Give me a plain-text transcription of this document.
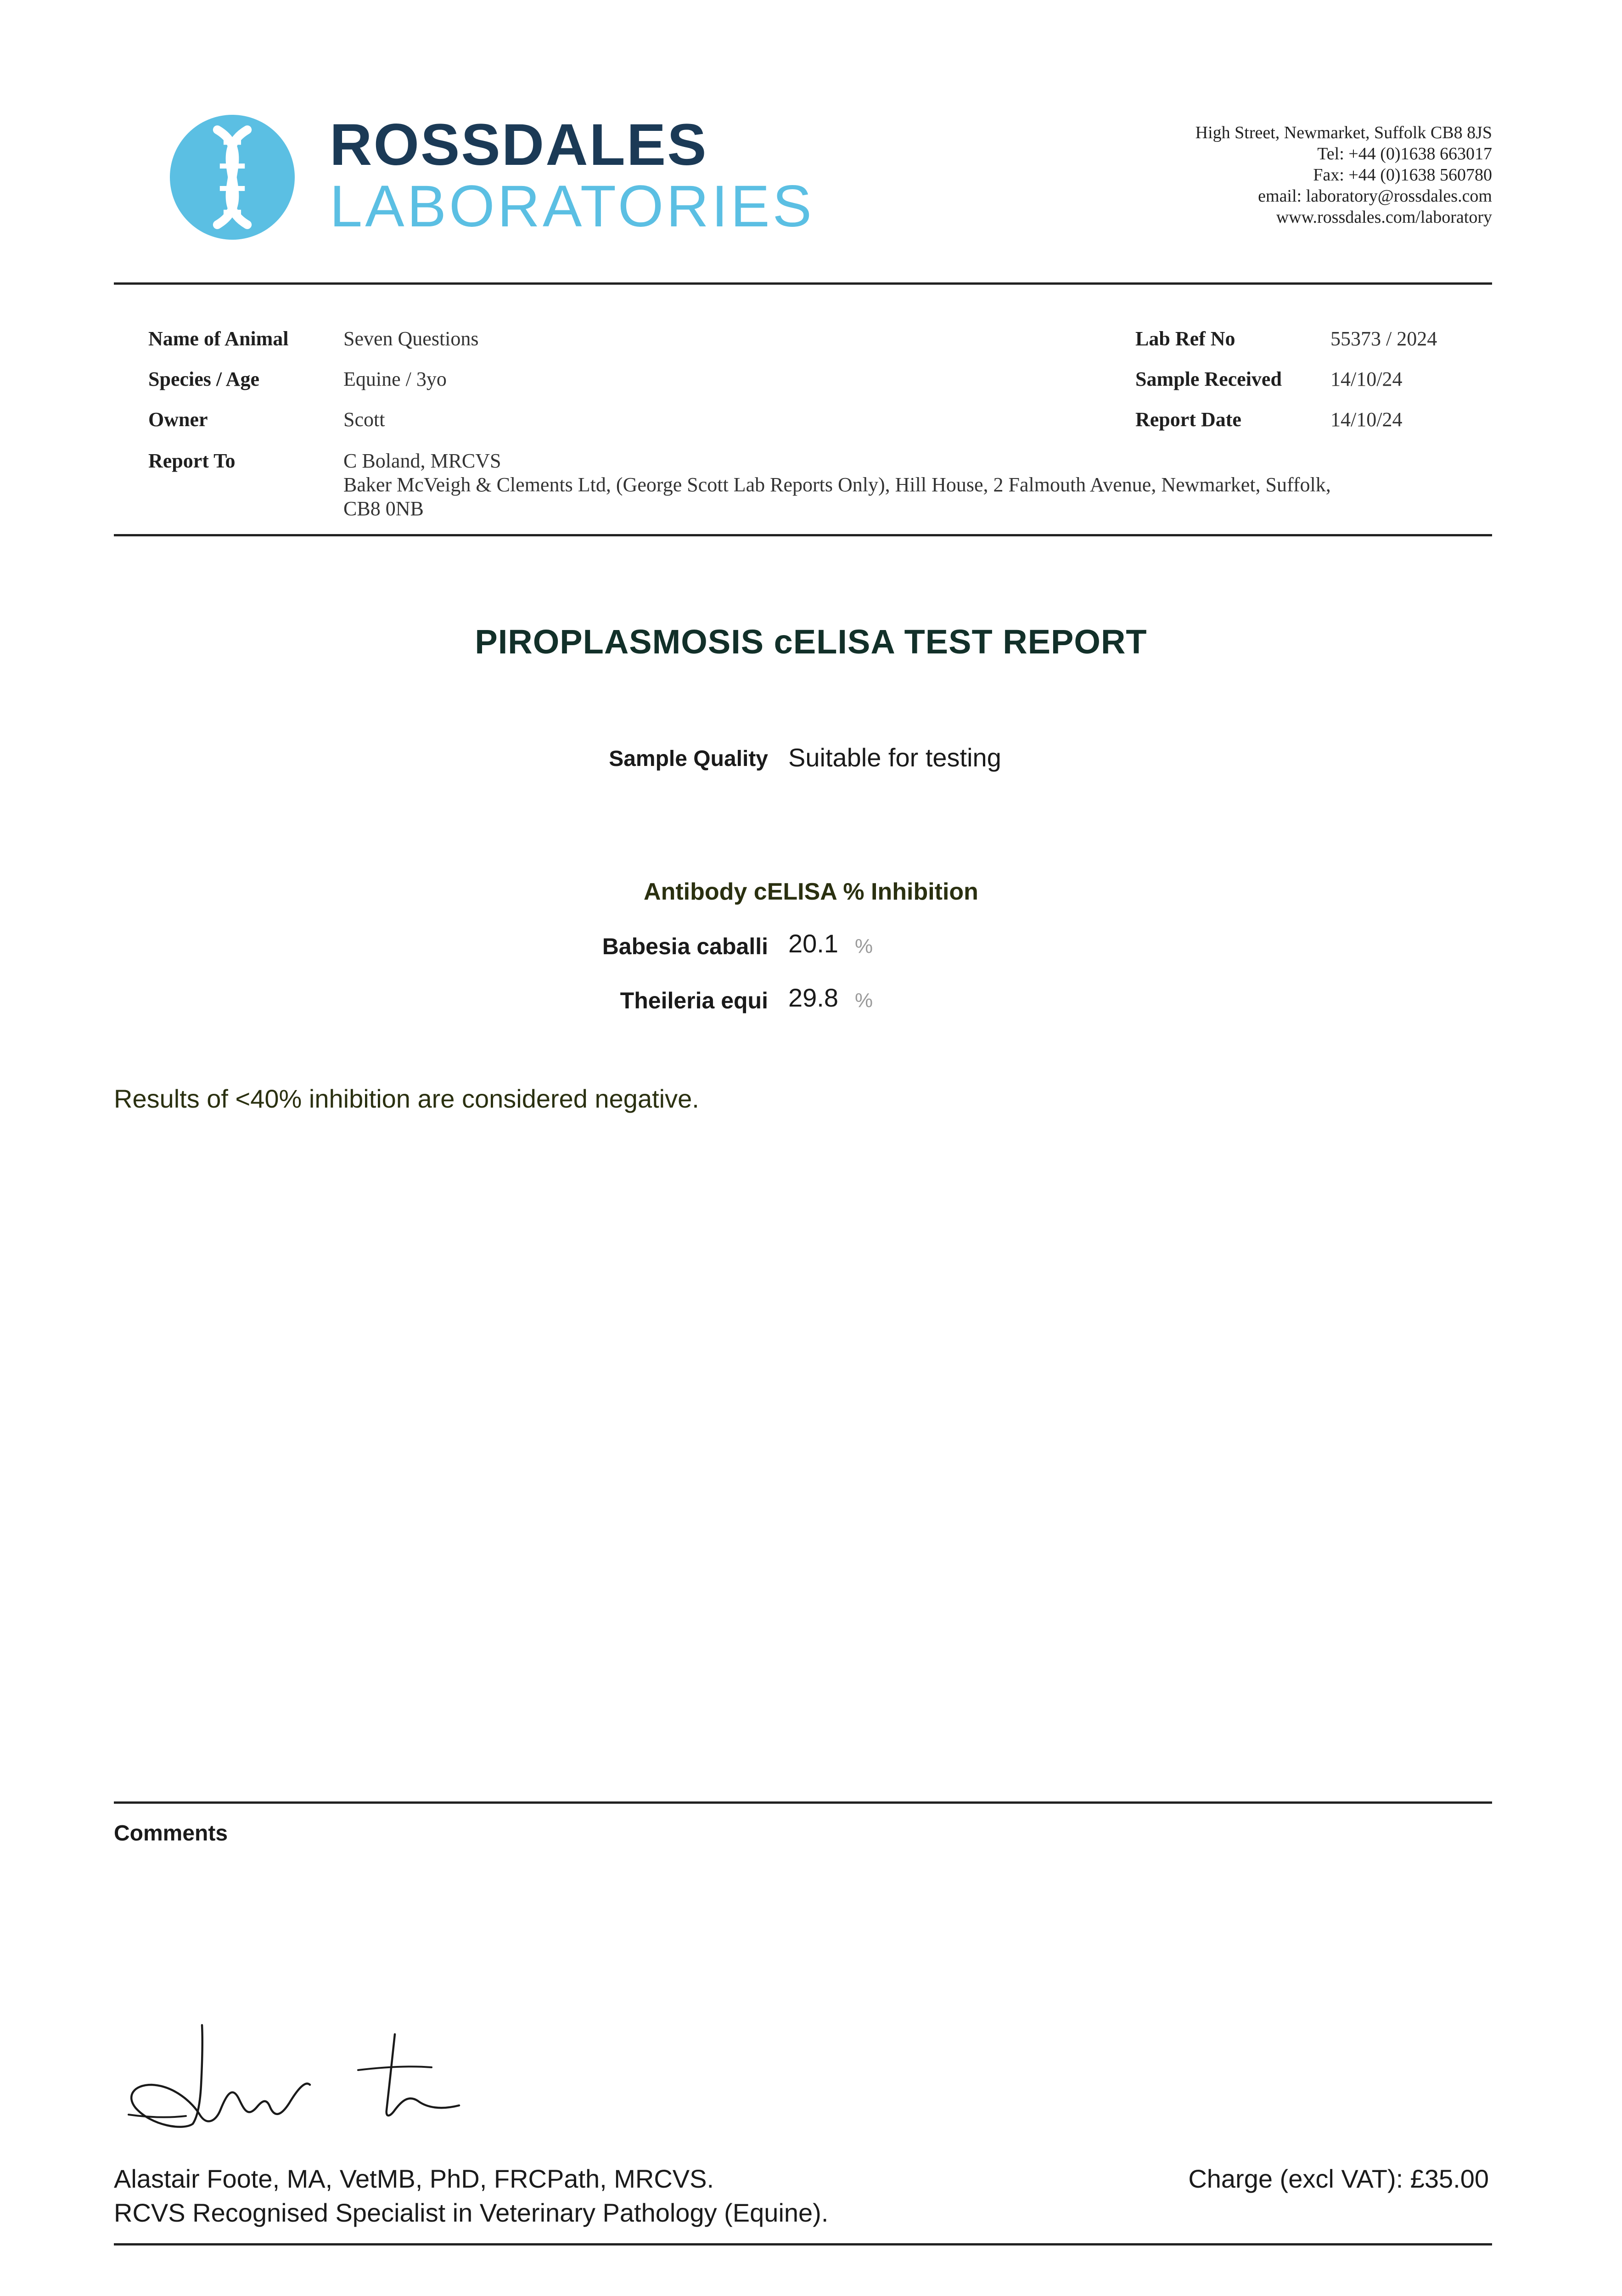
ROSSDALES
LABORATORIES
High Street, Newmarket, Suffolk CB8 8JS
Tel: +44 (0)1638 663017
Fax: +44 (0)1638 560780
email: laboratory@rossdales.com
www.rossdales.com/laboratory
Name of Animal	Seven Questions
Species / Age	Equine / 3yo
Owner	Scott
Report To	C Boland, MRCVS
Baker McVeigh & Clements Ltd, (George Scott Lab Reports Only), Hill House, 2 Falmouth Avenue, Newmarket, Suffolk,
CB8 0NB
Lab Ref No	55373 / 2024
Sample Received 14/10/24
Report Date	14/10/24
PIROPLASMOSIS cELISA TEST REPORT
Sample Quality Suitable for testing
Antibody cELISA % Inhibition
Babesia caballi 20.1 %
Theileria equi 29.8 %
Results of <40% inhibition are considered negative.
Comments
Alastair Foote, MA, VetMB, PhD, FRCPath, MRCVS.
RCVS Recognised Specialist in Veterinary Pathology (Equine).
Charge (excl VAT): £35.00
